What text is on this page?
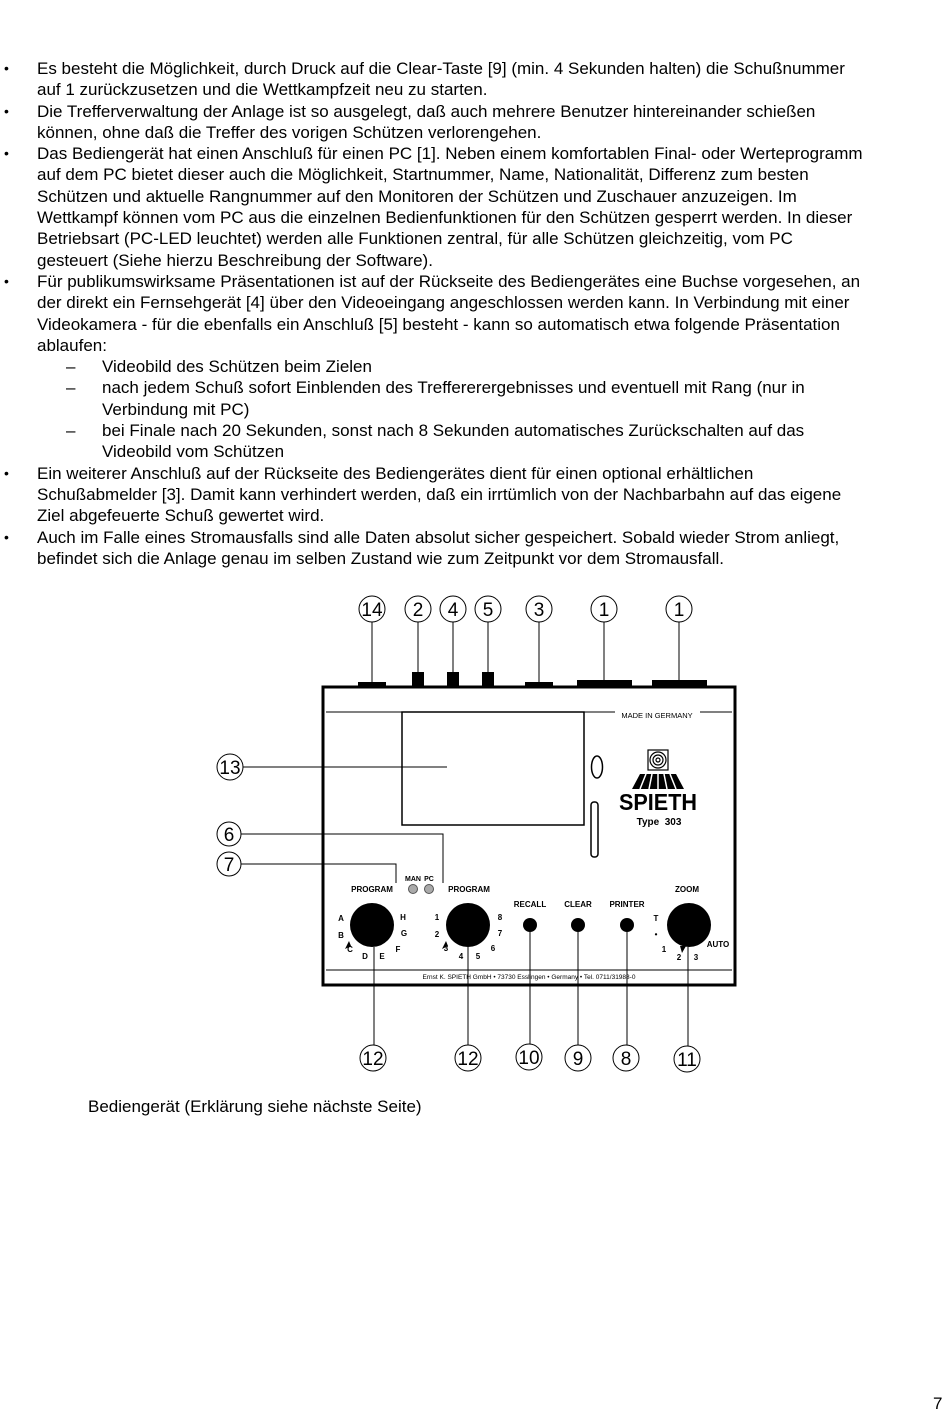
• Es besteht die Möglichkeit, durch Druck auf die Clear-Taste [9] (min. 4 Sekunden halten) die Schußnummer
auf 1 zurückzusetzen und die Wettkampfzeit neu zu starten.
• Die Trefferverwaltung der Anlage ist so ausgelegt, daß auch mehrere Benutzer hintereinander schießen
können, ohne daß die Treffer des vorigen Schützen verlorengehen.
• Das Bediengerät hat einen Anschluß für einen PC [1]. Neben einem komfortablen Final- oder Werteprogramm
auf dem PC bietet dieser auch die Möglichkeit, Startnummer, Name, Nationalität, Differenz zum besten
Schützen und aktuelle Rangnummer auf den Monitoren der Schützen und Zuschauer anzuzeigen. Im
Wettkampf können vom PC aus die einzelnen Bedienfunktionen für den Schützen gesperrt werden. In dieser
Betriebsart (PC-LED leuchtet) werden alle Funktionen zentral, für alle Schützen gleichzeitig, vom PC
gesteuert (Siehe hierzu Beschreibung der Software).
• Für publikumswirksame Präsentationen ist auf der Rückseite des Bediengerätes eine Buchse vorgesehen, an
der direkt ein Fernsehgerät [4] über den Videoeingang angeschlossen werden kann. In Verbindung mit einer
Videokamera - für die ebenfalls ein Anschluß [5] besteht - kann so automatisch etwa folgende Präsentation
ablaufen:
– Videobild des Schützen beim Zielen
– nach jedem Schuß sofort Einblenden des Treffererergebnisses und eventuell mit Rang (nur in
Verbindung mit PC)
– bei Finale nach 20 Sekunden, sonst nach 8 Sekunden automatisches Zurückschalten auf das
Videobild vom Schützen
• Ein weiterer Anschluß auf der Rückseite des Bediengerätes dient für einen optional erhältlichen
Schußabmelder [3]. Damit kann verhindert werden, daß ein irrtümlich von der Nachbarbahn auf das eigene
Ziel abgefeuerte Schuß gewertet wird.
• Auch im Falle eines Stromausfalls sind alle Daten absolut sicher gespeichert. Sobald wieder Strom anliegt,
befindet sich die Anlage genau im selben Zustand wie zum Zeitpunkt vor dem Stromausfall.
14 2 4 5 3	1	1
MADE IN GERMANY
SPIETH
Type  303
13
6
7
MAN PC
PROGRAM	PROGRAM
RECALL CLEAR PRINTER
ZOOM
A
B
C
D E
F
G
H	1
2
3
4 5
6
7
8	T
•
1
2 3
AUTO
Ernst K. SPIETH GmbH • 73730 Esslingen • Germany • Tel. 0711/31988-0
12	12 10 9 8 11
Bediengerät (Erklärung siehe nächste Seite)
7
